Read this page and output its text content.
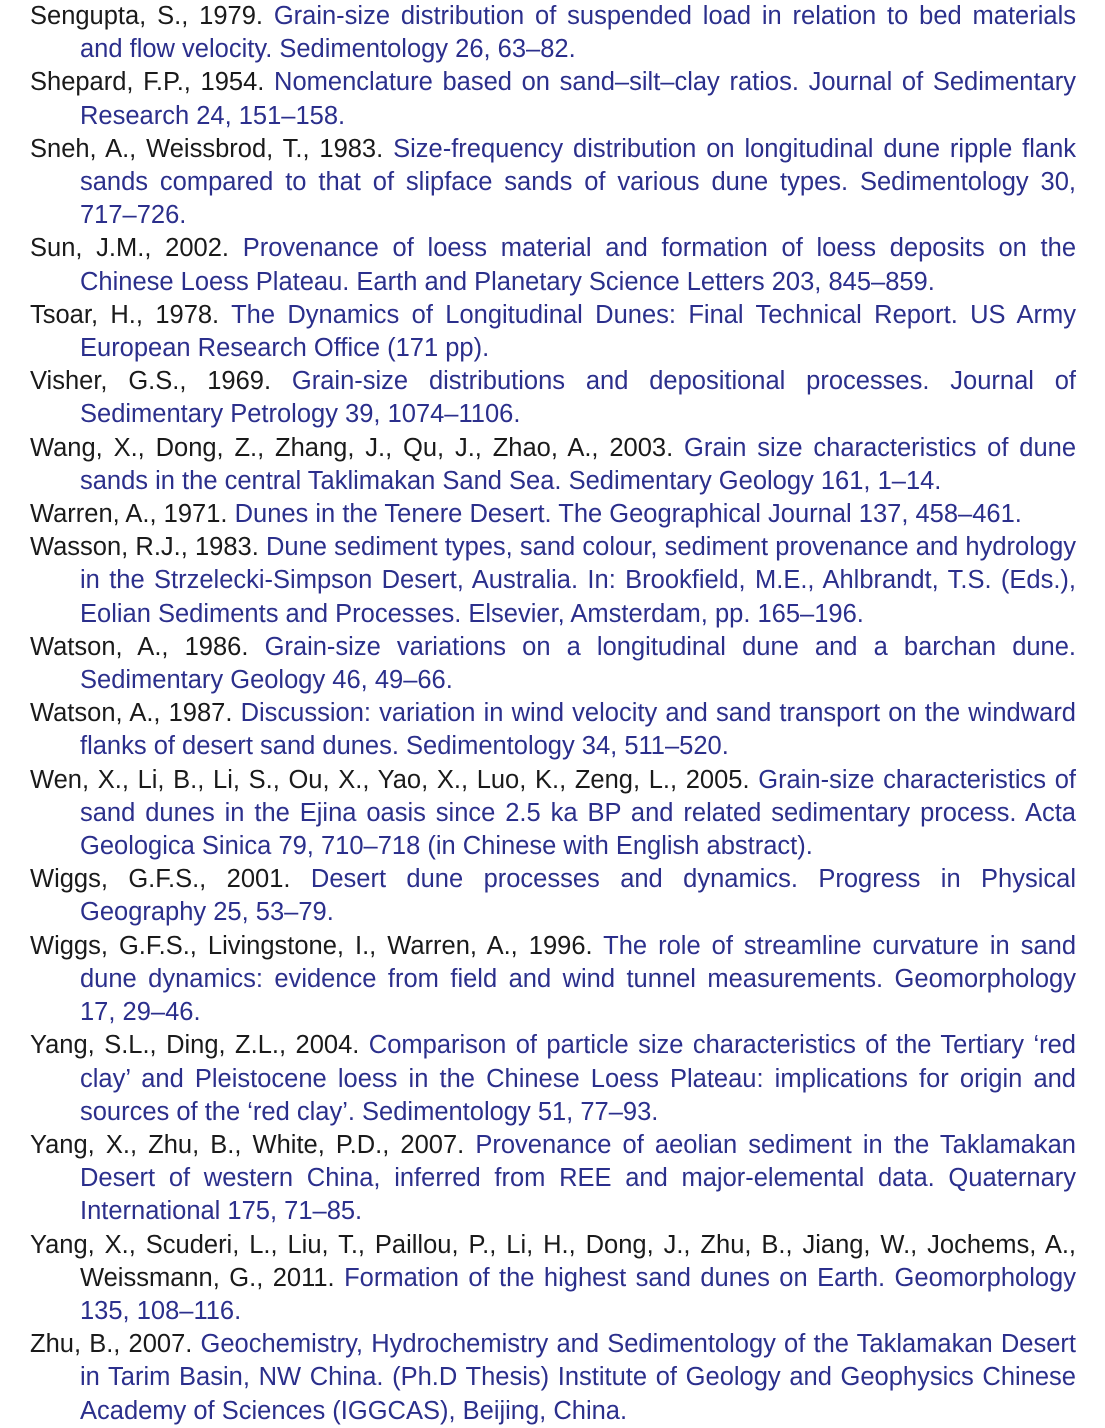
Sengupta, S., 1979. Grain-size distribution of suspended load in relation to bed materials and flow velocity. Sedimentology 26, 63–82.

Shepard, F.P., 1954. Nomenclature based on sand–silt–clay ratios. Journal of Sedimentary Research 24, 151–158.

Sneh, A., Weissbrod, T., 1983. Size-frequency distribution on longitudinal dune ripple flank sands compared to that of slipface sands of various dune types. Sedimentology 30, 717–726.

Sun, J.M., 2002. Provenance of loess material and formation of loess deposits on the Chinese Loess Plateau. Earth and Planetary Science Letters 203, 845–859.

Tsoar, H., 1978. The Dynamics of Longitudinal Dunes: Final Technical Report. US Army European Research Office (171 pp).

Visher, G.S., 1969. Grain-size distributions and depositional processes. Journal of Sedimentary Petrology 39, 1074–1106.

Wang, X., Dong, Z., Zhang, J., Qu, J., Zhao, A., 2003. Grain size characteristics of dune sands in the central Taklimakan Sand Sea. Sedimentary Geology 161, 1–14.

Warren, A., 1971. Dunes in the Tenere Desert. The Geographical Journal 137, 458–461.

Wasson, R.J., 1983. Dune sediment types, sand colour, sediment provenance and hydrology in the Strzelecki-Simpson Desert, Australia. In: Brookfield, M.E., Ahlbrandt, T.S. (Eds.), Eolian Sediments and Processes. Elsevier, Amsterdam, pp. 165–196.

Watson, A., 1986. Grain-size variations on a longitudinal dune and a barchan dune. Sedimentary Geology 46, 49–66.

Watson, A., 1987. Discussion: variation in wind velocity and sand transport on the windward flanks of desert sand dunes. Sedimentology 34, 511–520.

Wen, X., Li, B., Li, S., Ou, X., Yao, X., Luo, K., Zeng, L., 2005. Grain-size characteristics of sand dunes in the Ejina oasis since 2.5 ka BP and related sedimentary process. Acta Geologica Sinica 79, 710–718 (in Chinese with English abstract).

Wiggs, G.F.S., 2001. Desert dune processes and dynamics. Progress in Physical Geography 25, 53–79.

Wiggs, G.F.S., Livingstone, I., Warren, A., 1996. The role of streamline curvature in sand dune dynamics: evidence from field and wind tunnel measurements. Geomorphology 17, 29–46.

Yang, S.L., Ding, Z.L., 2004. Comparison of particle size characteristics of the Tertiary ‘red clay’ and Pleistocene loess in the Chinese Loess Plateau: implications for origin and sources of the ‘red clay’. Sedimentology 51, 77–93.

Yang, X., Zhu, B., White, P.D., 2007. Provenance of aeolian sediment in the Taklamakan Desert of western China, inferred from REE and major-elemental data. Quaternary International 175, 71–85.

Yang, X., Scuderi, L., Liu, T., Paillou, P., Li, H., Dong, J., Zhu, B., Jiang, W., Jochems, A., Weissmann, G., 2011. Formation of the highest sand dunes on Earth. Geomorphology 135, 108–116.

Zhu, B., 2007. Geochemistry, Hydrochemistry and Sedimentology of the Taklamakan Desert in Tarim Basin, NW China. (Ph.D Thesis) Institute of Geology and Geophysics Chinese Academy of Sciences (IGGCAS), Beijing, China.
